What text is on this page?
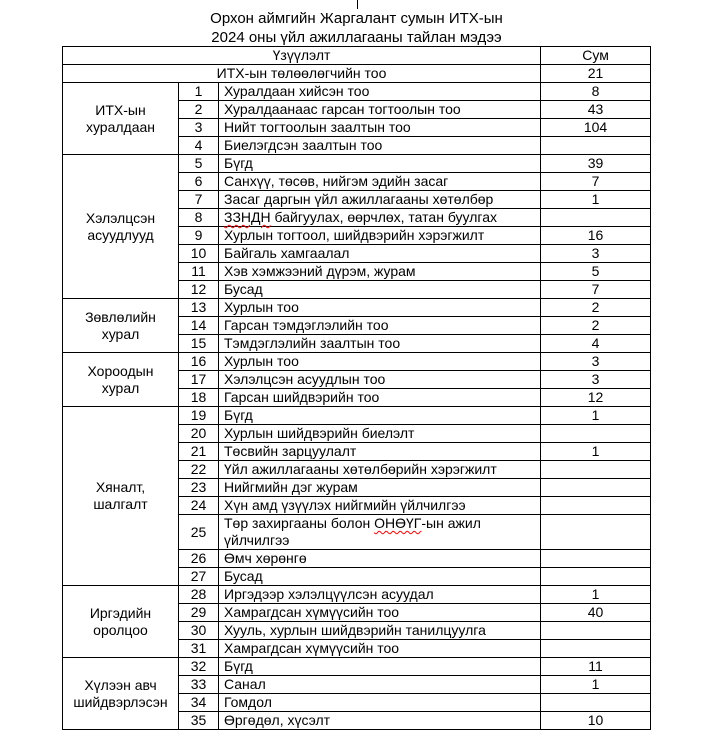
Орхон аймгийн Жаргалант сумын ИТХ-ын
2024 оны үйл ажиллагааны тайлан мэдээ
Үзүүлэлт			Сум
ИТХ-ын төлөөлөгчийн тоо			21
ИТХ-ын хуралдаан	1	Хуралдаан хийсэн тоо	8
	2	Хуралдаанаас гарсан тогтоолын тоо	43
	3	Нийт тогтоолын заалтын тоо	104
	4	Биелэгдсэн заалтын тоо	
Хэлэлцсэн асуудлууд	5	Бүгд	39
	6	Санхүү, төсөв, нийгэм эдийн засаг	7
	7	Засаг даргын үйл ажиллагааны хөтөлбөр	1
	8	ЗЗНДН байгуулах, өөрчлөх, татан буулгах	
	9	Хурлын тогтоол, шийдвэрийн хэрэгжилт	16
	10	Байгаль хамгаалал	3
	11	Хэв хэмжээний дүрэм, журам	5
	12	Бусад	7
Зөвлөлийн хурал	13	Хурлын тоо	2
	14	Гарсан тэмдэглэлийн тоо	2
	15	Тэмдэглэлийн заалтын тоо	4
Хороодын хурал	16	Хурлын тоо	3
	17	Хэлэлцсэн асуудлын тоо	3
	18	Гарсан шийдвэрийн тоо	12
Хяналт, шалгалт	19	Бүгд	1
	20	Хурлын шийдвэрийн биелэлт	
	21	Төсвийн зарцуулалт	1
	22	Үйл ажиллагааны хөтөлбөрийн хэрэгжилт	
	23	Нийгмийн дэг журам	
	24	Хүн амд үзүүлэх нийгмийн үйлчилгээ	
	25	Төр захиргааны болон ОНӨҮГ-ын ажил үйлчилгээ	
	26	Өмч хөрөнгө	
	27	Бусад	
Иргэдийн оролцоо	28	Иргэдээр хэлэлцүүлсэн асуудал	1
	29	Хамрагдсан хүмүүсийн тоо	40
	30	Хууль, хурлын шийдвэрийн танилцуулга	
	31	Хамрагдсан хүмүүсийн тоо	
Хүлээн авч шийдвэрлэсэн	32	Бүгд	11
	33	Санал	1
	34	Гомдол	
	35	Өргөдөл, хүсэлт	10
